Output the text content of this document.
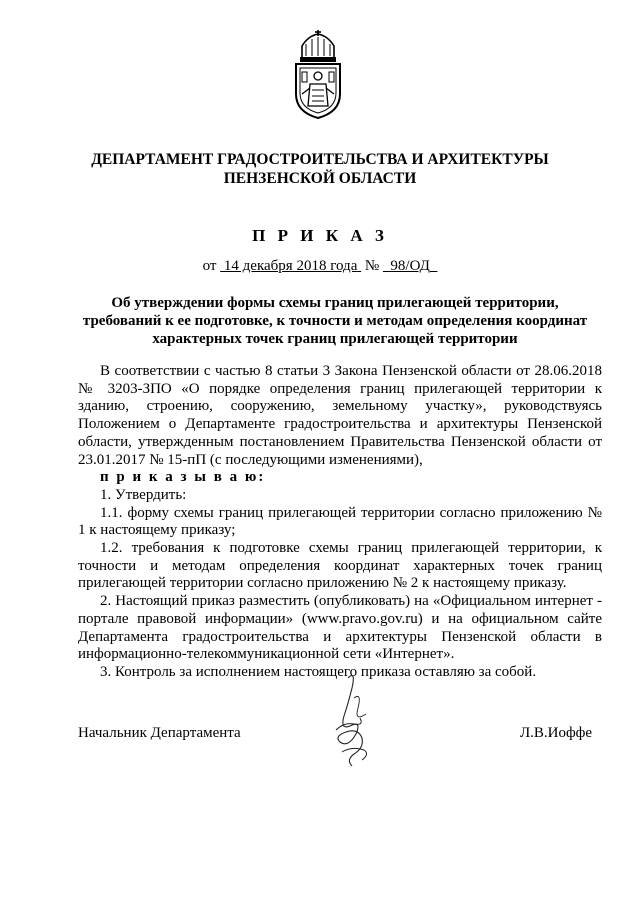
ДЕПАРТАМЕНТ ГРАДОСТРОИТЕЛЬСТВА И АРХИТЕКТУРЫ
ПЕНЗЕНСКОЙ ОБЛАСТИ
П Р И К А З
от 14 декабря 2018 года № 98/ОД
Об утверждении формы схемы границ прилегающей территории,
требований к ее подготовке, к точности и методам определения координат
характерных точек границ прилегающей территории

В соответствии с частью 8 статьи 3 Закона Пензенской области от 28.06.2018 № 3203-ЗПО «О порядке определения границ прилегающей территории к зданию, строению, сооружению, земельному участку», руководствуясь Положением о Департаменте градостроительства и архитектуры Пензенской области, утвержденным постановлением Правительства Пензенской области от 23.01.2017 № 15-пП (с последующими изменениями),

п р и к а з ы в а ю:

1. Утвердить:

1.1. форму схемы границ прилегающей территории согласно приложению № 1 к настоящему приказу;

1.2. требования к подготовке схемы границ прилегающей территории, к точности и методам определения координат характерных точек границ прилегающей территории согласно приложению № 2 к настоящему приказу.

2. Настоящий приказ разместить (опубликовать) на «Официальном интернет - портале правовой информации» (www.pravo.gov.ru) и на официальном сайте Департамента градостроительства и архитектуры Пензенской области в информационно-телекоммуникационной сети «Интернет».

3. Контроль за исполнением настоящего приказа оставляю за собой.

Начальник Департамента	Л.В.Иоффе
